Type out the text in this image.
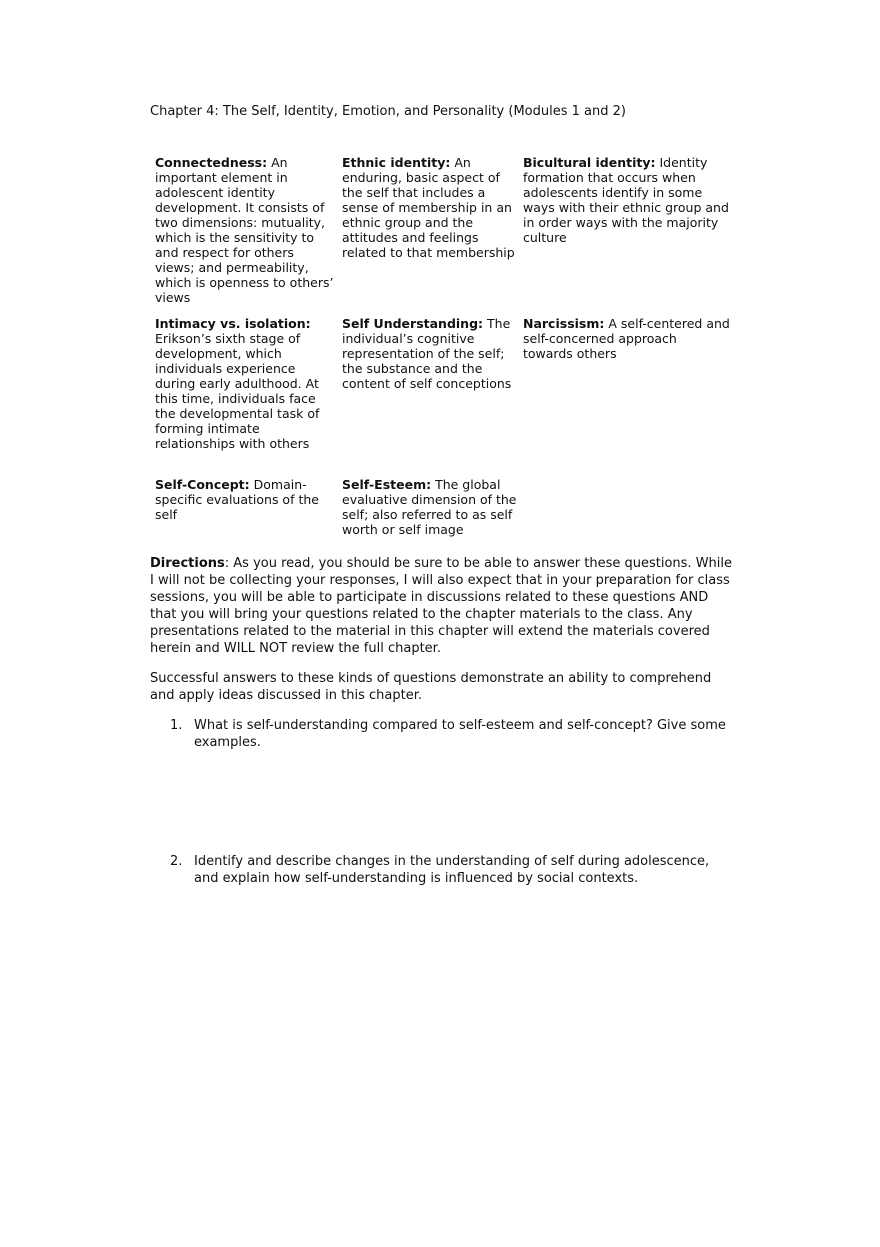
Chapter 4: The Self, Identity, Emotion, and Personality (Modules 1 and 2)
Connectedness: An important element in adolescent identity development. It consists of two dimensions: mutuality, which is the sensitivity to and respect for others views; and permeability, which is openness to others’ views
Ethnic identity: An enduring, basic aspect of the self that includes a sense of membership in an ethnic group and the attitudes and feelings related to that membership
Bicultural identity: Identity formation that occurs when adolescents identify in some ways with their ethnic group and in order ways with the majority culture
Intimacy vs. isolation: Erikson’s sixth stage of development, which individuals experience during early adulthood. At this time, individuals face the developmental task of forming intimate relationships with others
Self Understanding: The individual’s cognitive representation of the self; the substance and the content of self conceptions
Narcissism: A self-centered and self-concerned approach towards others
Self-Concept: Domain-specific evaluations of the self
Self-Esteem: The global evaluative dimension of the self; also referred to as self worth or self image
Directions: As you read, you should be sure to be able to answer these questions. While I will not be collecting your responses, I will also expect that in your preparation for class sessions, you will be able to participate in discussions related to these questions AND that you will bring your questions related to the chapter materials to the class. Any presentations related to the material in this chapter will extend the materials covered herein and WILL NOT review the full chapter.
Successful answers to these kinds of questions demonstrate an ability to comprehend and apply ideas discussed in this chapter.
1. What is self-understanding compared to self-esteem and self-concept? Give some examples.
2. Identify and describe changes in the understanding of self during adolescence, and explain how self-understanding is influenced by social contexts.
